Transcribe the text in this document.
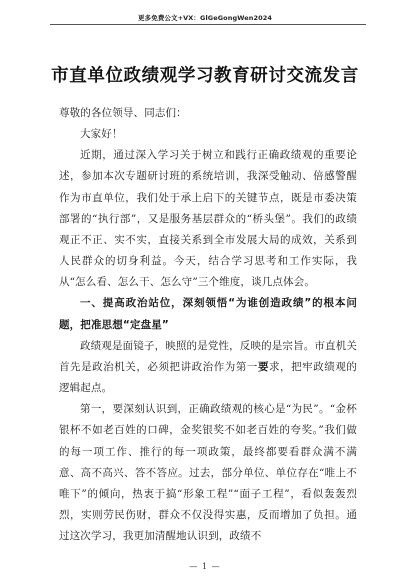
更多免费公文+VX：GlGeGongWen2024
市直单位政绩观学习教育研讨交流发言

尊敬的各位领导、同志们：

大家好！

近期，通过深入学习关于树立和践行正确政绩观的重要论述，参加本次专题研讨班的系统培训，我深受触动、倍感警醒作为市直单位，我们处于承上启下的关键节点，既是市委决策部署的“执行部”，又是服务基层群众的“桥头堡”。我们的政绩观正不正、实不实，直接关系到全市发展大局的成效，关系到人民群众的切身利益。今天，结合学习思考和工作实际，我从“怎么看、怎么干、怎么守”三个维度，谈几点体会。

一、提高政治站位，深刻领悟“为谁创造政绩”的根本问题，把准思想“定盘星”

政绩观是面镜子，映照的是党性，反映的是宗旨。市直机关首先是政治机关，必须把讲政治作为第一要求，把牢政绩观的逻辑起点。

第一，要深刻认识到，正确政绩观的核心是“为民”。“金杯银杯不如老百姓的口碑，金奖银奖不如老百姓的夸奖。”我们做的每一项工作、推行的每一项政策，最终都要看群众满不满意、高不高兴、答不答应。过去，部分单位、单位存在“唯上不唯下”的倾向，热衷于搞“形象工程”“面子工程”，看似轰轰烈烈，实则劳民伤财，群众不仅没得实惠，反而增加了负担。通过这次学习，我更加清醒地认识到，政绩不

— 1 —
